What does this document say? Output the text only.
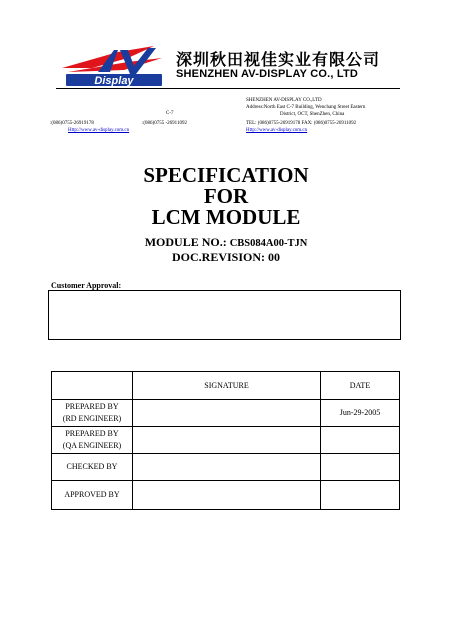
Display
深圳秋田视佳实业有限公司
SHENZHEN AV-DISPLAY CO., LTD
C-7
:(086)0755-26919178	:(086)0755 -26911092
Http://www.av-display.com.cn
SHENZHEN AV-DISPLAY CO.,LTD
Address:North East C-7 Building, Wenchang Street Eastern
District, OCT, ShenZhen, China
TEL: (086)0755-26919178 FAX: (086)0755-26911092
Http://www.av-display.com.cn
SPECIFICATION
FOR
LCM MODULE
MODULE NO.: CBS084A00-TJN
DOC.REVISION: 00
Customer Approval:
	SIGNATURE	DATE

PREPARED BY
(RD ENGINEER)		Jun-29-2005

PREPARED BY
(QA ENGINEER)		

CHECKED BY		

APPROVED BY		
